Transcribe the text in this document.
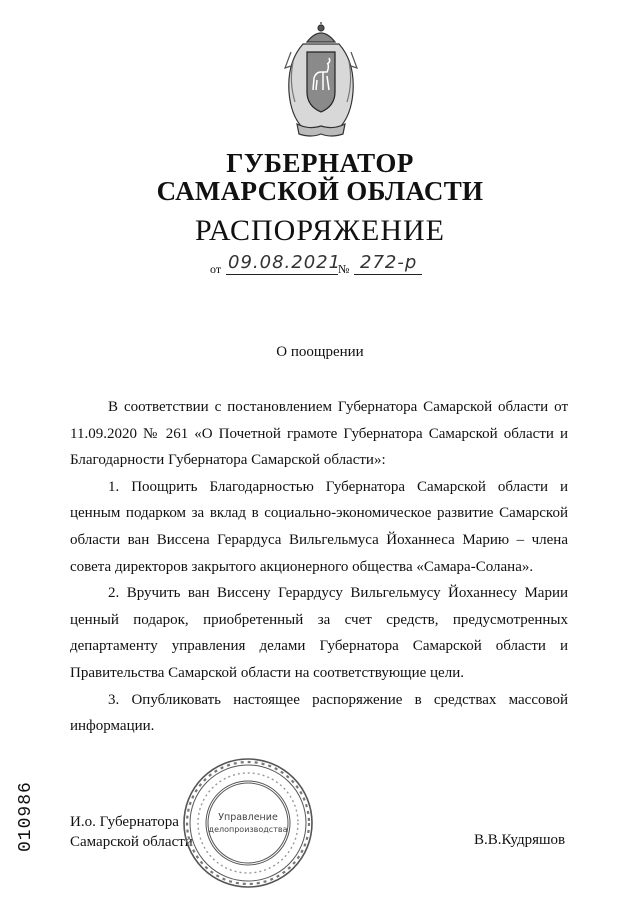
ГУБЕРНАТОР
САМАРСКОЙ ОБЛАСТИ
РАСПОРЯЖЕНИЕ
от 09.08.2021
№ 272-р
О поощрении

В соответствии с постановлением Губернатора Самарской области от 11.09.2020 № 261 «О Почетной грамоте Губернатора Самарской области и Благодарности Губернатора Самарской области»:

1. Поощрить Благодарностью Губернатора Самарской области и ценным подарком за вклад в социально-экономическое развитие Самарской области ван Виссена Герардуса Вильгельмуса Йоханнеса Марию – члена совета директоров закрытого акционерного общества «Самара-Солана».

2. Вручить ван Виссену Герардусу Вильгельмусу Йоханнесу Марии ценный подарок, приобретенный за счет средств, предусмотренных департаменту управления делами Губернатора Самарской области и Правительства Самарской области на соответствующие цели.

3. Опубликовать настоящее распоряжение в средствах массовой информации.

И.о. Губернатора
Самарской области	В.В.Кудряшов
010986	Управление
делопроизводства
